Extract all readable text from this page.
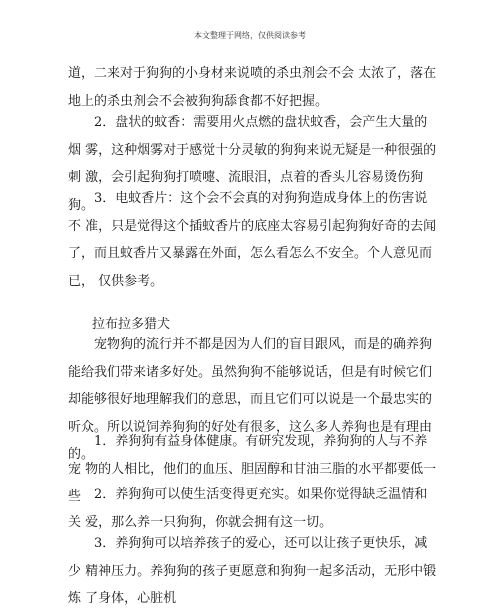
本文整理于网络，仅供阅读参考

道，二来对于狗狗的小身材来说喷的杀虫剂会不会 太浓了，落在地上的杀虫剂会不会被狗狗舔食都不好把握。

2．盘状的蚊香：需要用火点燃的盘状蚊香，会产生大量的烟 雾，这种烟雾对于感觉十分灵敏的狗狗来说无疑是一种很强的刺 激，会引起狗狗打喷嚏、流眼泪，点着的香头儿容易烫伤狗狗。 3．电蚊香片：这个会不会真的对狗狗造成身体上的伤害说不 准，只是觉得这个插蚊香片的底座太容易引起狗狗好奇的去闻了，而且蚊香片又暴露在外面，怎么看怎么不安全。个人意见而已， 仅供参考。

拉布拉多猎犬

宠物狗的流行并不都是因为人们的盲目跟风，而是的确养狗 能给我们带来诸多好处。虽然狗狗不能够说话，但是有时候它们 却能够很好地理解我们的意思，而且它们可以说是一个最忠实的 听众。所以说饲养狗狗的好处有很多，这么多人养狗也是有理由 的。

1．养狗狗有益身体健康。有研究发现，养狗狗的人与不养宠 物的人相比，他们的血压、胆固醇和甘油三脂的水平都要低一些 2．养狗狗可以使生活变得更充实。如果你觉得缺乏温情和关 爱，那么养一只狗狗，你就会拥有这一切。

3．养狗狗可以培养孩子的爱心，还可以让孩子更快乐，减少 精神压力。养狗狗的孩子更愿意和狗狗一起多活动，无形中锻炼 了身体，心脏机
